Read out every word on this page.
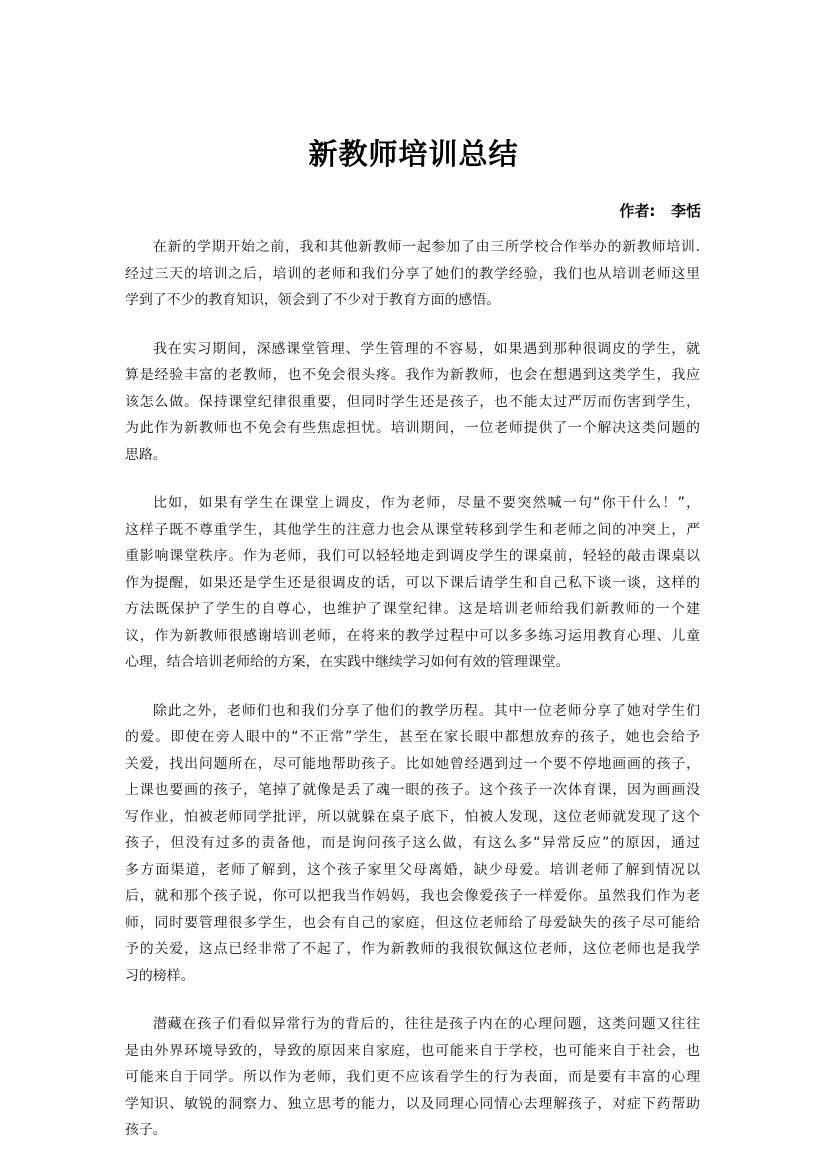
新教师培训总结
作者:   李恬
在新的学期开始之前，我和其他新教师一起参加了由三所学校合作举办的新教师培训.
经过三天的培训之后，培训的老师和我们分享了她们的教学经验，我们也从培训老师这里
学到了不少的教育知识，领会到了不少对于教育方面的感悟。
我在实习期间，深感课堂管理、学生管理的不容易，如果遇到那种很调皮的学生，就
算是经验丰富的老教师，也不免会很头疼。我作为新教师，也会在想遇到这类学生，我应
该怎么做。保持课堂纪律很重要，但同时学生还是孩子，也不能太过严厉而伤害到学生，
为此作为新教师也不免会有些焦虑担忧。培训期间，一位老师提供了一个解决这类问题的
思路。
比如，如果有学生在课堂上调皮，作为老师，尽量不要突然喊一句“你干什么！”，
这样子既不尊重学生，其他学生的注意力也会从课堂转移到学生和老师之间的冲突上，严
重影响课堂秩序。作为老师，我们可以轻轻地走到调皮学生的课桌前，轻轻的敲击课桌以
作为提醒，如果还是学生还是很调皮的话，可以下课后请学生和自己私下谈一谈，这样的
方法既保护了学生的自尊心，也维护了课堂纪律。这是培训老师给我们新教师的一个建
议，作为新教师很感谢培训老师，在将来的教学过程中可以多多练习运用教育心理、儿童
心理，结合培训老师给的方案，在实践中继续学习如何有效的管理课堂。
除此之外，老师们也和我们分享了他们的教学历程。其中一位老师分享了她对学生们
的爱。即使在旁人眼中的“不正常”学生，甚至在家长眼中都想放弃的孩子，她也会给予
关爱，找出问题所在，尽可能地帮助孩子。比如她曾经遇到过一个要不停地画画的孩子，
上课也要画的孩子，笔掉了就像是丢了魂一眼的孩子。这个孩子一次体育课，因为画画没
写作业，怕被老师同学批评，所以就躲在桌子底下，怕被人发现，这位老师就发现了这个
孩子，但没有过多的责备他，而是询问孩子这么做，有这么多“异常反应”的原因，通过
多方面渠道，老师了解到，这个孩子家里父母离婚，缺少母爱。培训老师了解到情况以
后，就和那个孩子说，你可以把我当作妈妈，我也会像爱孩子一样爱你。虽然我们作为老
师，同时要管理很多学生，也会有自己的家庭，但这位老师给了母爱缺失的孩子尽可能给
予的关爱，这点已经非常了不起了，作为新教师的我很钦佩这位老师，这位老师也是我学
习的榜样。
潜藏在孩子们看似异常行为的背后的，往往是孩子内在的心理问题，这类问题又往往
是由外界环境导致的，导致的原因来自家庭，也可能来自于学校，也可能来自于社会，也
可能来自于同学。所以作为老师，我们更不应该看学生的行为表面，而是要有丰富的心理
学知识、敏锐的洞察力、独立思考的能力，以及同理心同情心去理解孩子，对症下药帮助
孩子。
